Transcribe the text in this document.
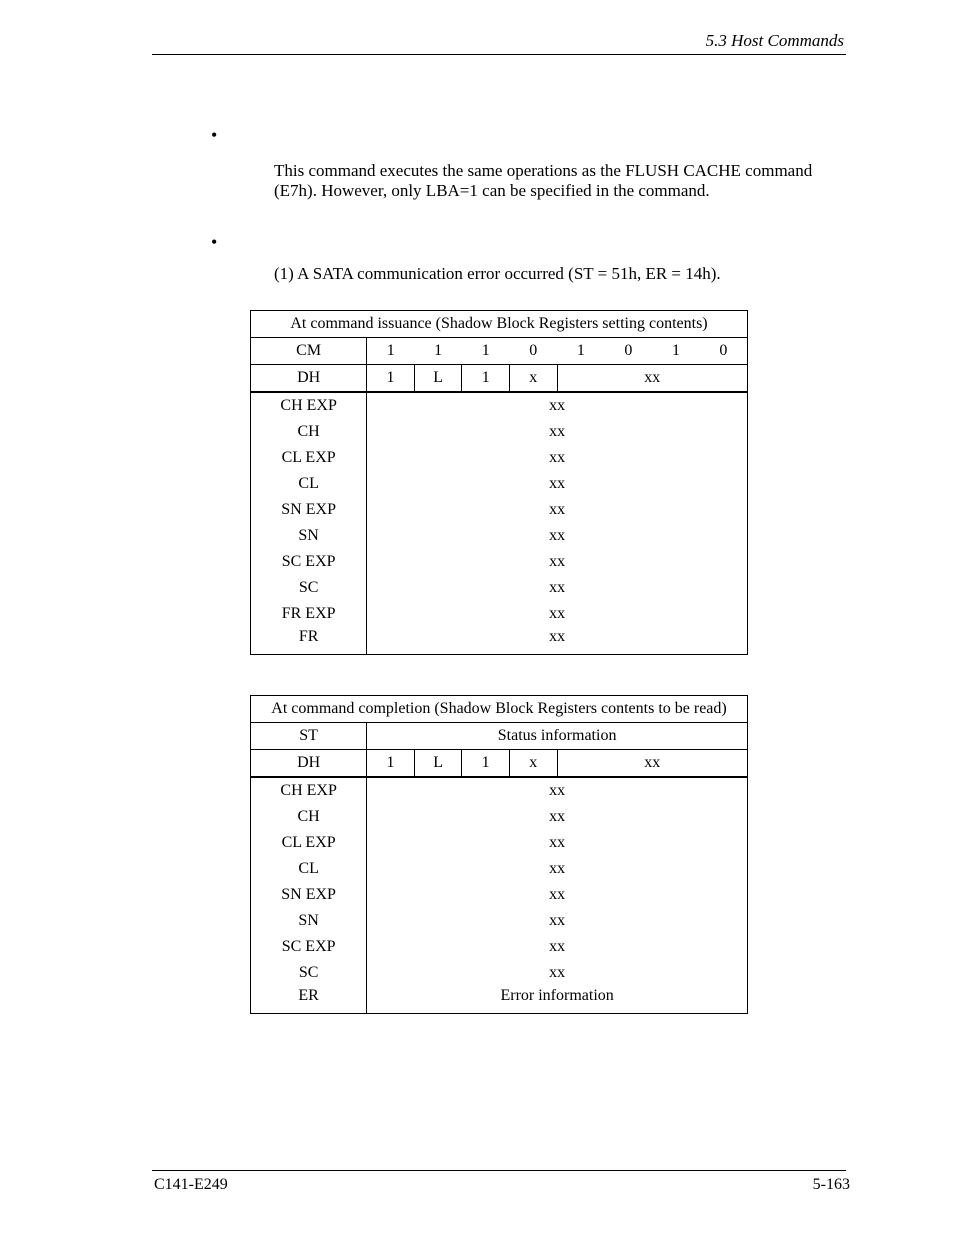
5.3 Host Commands
•

This command executes the same operations as the FLUSH CACHE command

(E7h). However, only LBA=1 can be specified in the command.

•
(1) A SATA communication error occurred (ST = 51h, ER = 14h).
At command issuance (Shadow Block Registers setting contents)								
CM	1	1	1	0	1	0	1	0
DH	1	L	1	x	xx			
CH EXP	xx							
CH	xx							
CL EXP	xx							
CL	xx							
SN EXP	xx							
SN	xx							
SC EXP	xx							
SC	xx							
FR EXP	xx							
FR	xx							
At command completion (Shadow Block Registers contents to be read)					
ST	Status information				
DH	1	L	1	x	xx
CH EXP	xx				
CH	xx				
CL EXP	xx				
CL	xx				
SN EXP	xx				
SN	xx				
SC EXP	xx				
SC	xx				
ER	Error information				
C141-E249	5-163
